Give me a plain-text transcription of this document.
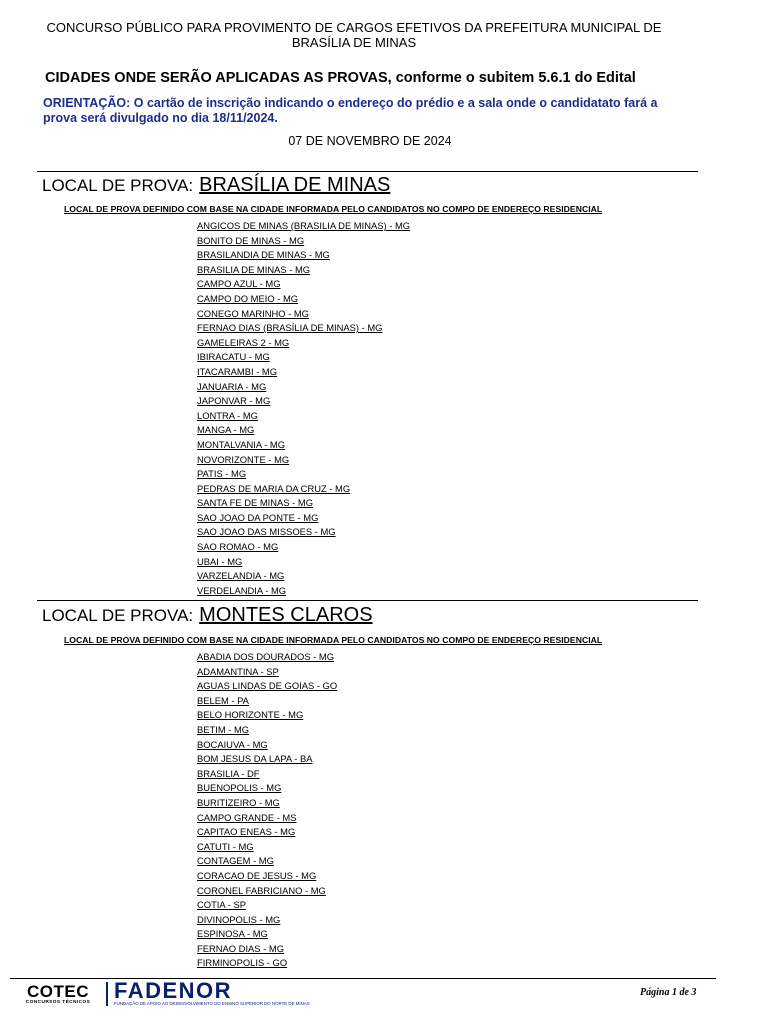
CONCURSO PÚBLICO PARA PROVIMENTO DE CARGOS EFETIVOS DA PREFEITURA MUNICIPAL DE
BRASÍLIA DE MINAS
CIDADES ONDE SERÃO APLICADAS AS PROVAS, conforme o subitem 5.6.1 do Edital
ORIENTAÇÃO: O cartão de inscrição indicando o endereço do prédio e a sala onde o candidatato fará a prova será divulgado no dia 18/11/2024.
07 DE NOVEMBRO DE 2024
LOCAL DE PROVA: BRASÍLIA DE MINAS
LOCAL DE PROVA DEFINIDO COM BASE NA CIDADE INFORMADA PELO CANDIDATOS NO COMPO DE ENDEREÇO RESIDENCIAL
ANGICOS DE MINAS (BRASILIA DE MINAS) - MG
BONITO DE MINAS - MG
BRASILANDIA DE MINAS - MG
BRASILIA DE MINAS - MG
CAMPO AZUL - MG
CAMPO DO MEIO - MG
CONEGO MARINHO - MG
FERNAO DIAS (BRASÍLIA DE MINAS) - MG
GAMELEIRAS 2 - MG
IBIRACATU - MG
ITACARAMBI - MG
JANUARIA - MG
JAPONVAR - MG
LONTRA - MG
MANGA - MG
MONTALVANIA - MG
NOVORIZONTE - MG
PATIS - MG
PEDRAS DE MARIA DA CRUZ - MG
SANTA FE DE MINAS - MG
SAO JOAO DA PONTE - MG
SAO JOAO DAS MISSOES - MG
SAO ROMAO - MG
UBAI - MG
VARZELANDIA - MG
VERDELANDIA - MG
LOCAL DE PROVA: MONTES CLAROS
LOCAL DE PROVA DEFINIDO COM BASE NA CIDADE INFORMADA PELO CANDIDATOS NO COMPO DE ENDEREÇO RESIDENCIAL
ABADIA DOS DOURADOS - MG
ADAMANTINA - SP
AGUAS LINDAS DE GOIAS - GO
BELEM - PA
BELO HORIZONTE - MG
BETIM - MG
BOCAIUVA - MG
BOM JESUS DA LAPA - BA
BRASILIA - DF
BUENOPOLIS - MG
BURITIZEIRO - MG
CAMPO GRANDE - MS
CAPITAO ENEAS - MG
CATUTI - MG
CONTAGEM - MG
CORACAO DE JESUS - MG
CORONEL FABRICIANO - MG
COTIA - SP
DIVINOPOLIS - MG
ESPINOSA - MG
FERNAO DIAS - MG
FIRMINOPOLIS - GO
COTEC
CONCURSOS TÉCNICOS	FADENOR
FUNDAÇÃO DE APOIO AO DESENVOLVIMENTO DO ENSINO SUPERIOR DO NORTE DE MINAS
Página 1 de 3
